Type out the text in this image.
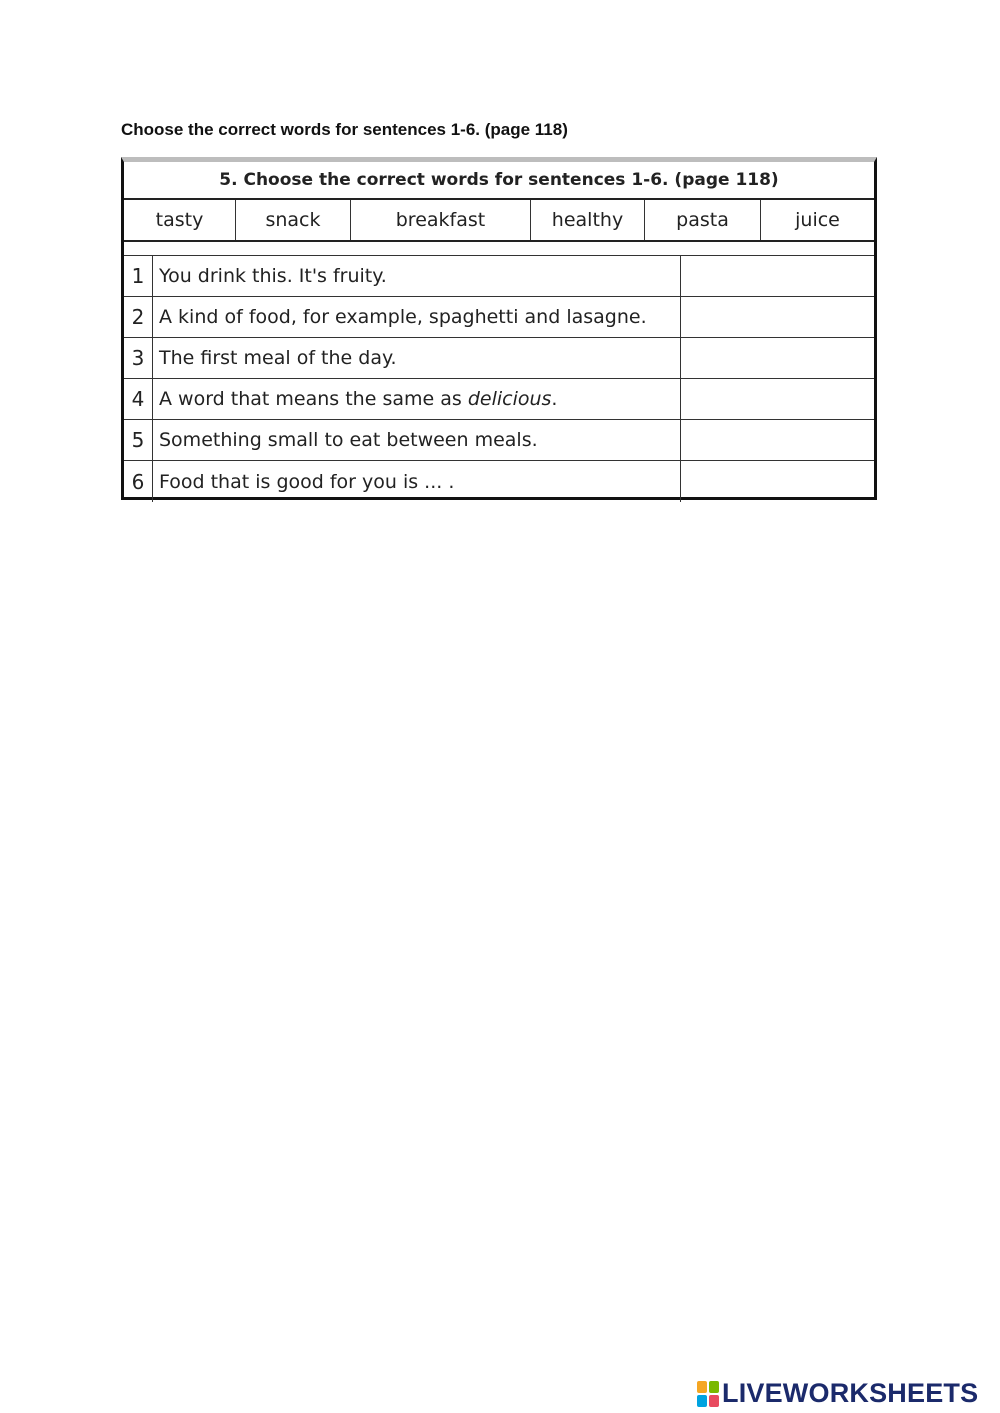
Choose the correct words for sentences 1-6. (page 118)
5. Choose the correct words for sentences 1-6. (page 118)
tasty	snack	breakfast	healthy	pasta	juice
1 You drink this. It's fruity.
2 A kind of food, for example, spaghetti and lasagne.
3 The first meal of the day.
4 A word that means the same as delicious .
5 Something small to eat between meals.
6 Food that is good for you is ... .
LIVEWORKSHEETS
